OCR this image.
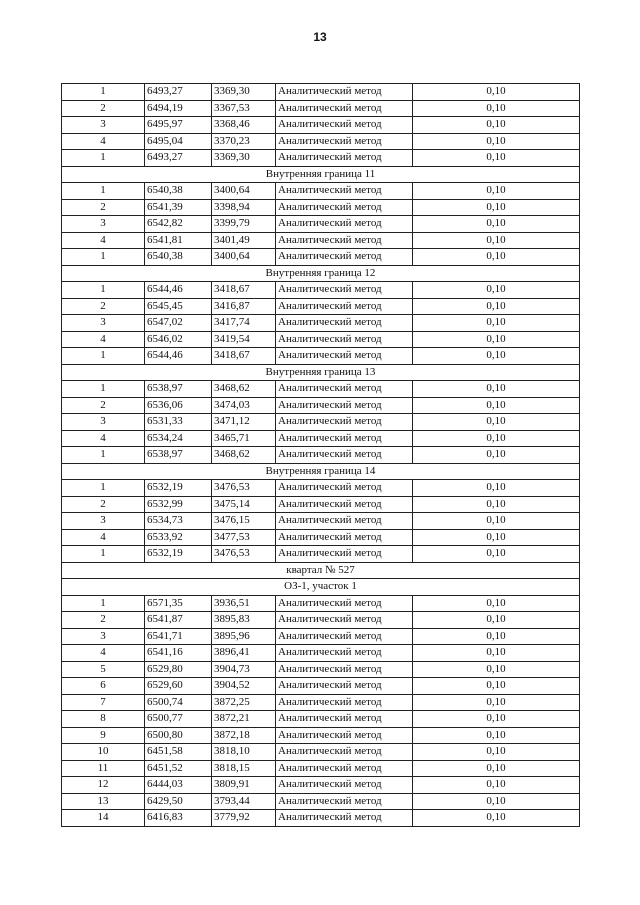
13
1	6493,27	3369,30	Аналитический метод	0,10
2	6494,19	3367,53	Аналитический метод	0,10
3	6495,97	3368,46	Аналитический метод	0,10
4	6495,04	3370,23	Аналитический метод	0,10
1	6493,27	3369,30	Аналитический метод	0,10
Внутренняя граница 11				
1	6540,38	3400,64	Аналитический метод	0,10
2	6541,39	3398,94	Аналитический метод	0,10
3	6542,82	3399,79	Аналитический метод	0,10
4	6541,81	3401,49	Аналитический метод	0,10
1	6540,38	3400,64	Аналитический метод	0,10
Внутренняя граница 12				
1	6544,46	3418,67	Аналитический метод	0,10
2	6545,45	3416,87	Аналитический метод	0,10
3	6547,02	3417,74	Аналитический метод	0,10
4	6546,02	3419,54	Аналитический метод	0,10
1	6544,46	3418,67	Аналитический метод	0,10
Внутренняя граница 13				
1	6538,97	3468,62	Аналитический метод	0,10
2	6536,06	3474,03	Аналитический метод	0,10
3	6531,33	3471,12	Аналитический метод	0,10
4	6534,24	3465,71	Аналитический метод	0,10
1	6538,97	3468,62	Аналитический метод	0,10
Внутренняя граница 14				
1	6532,19	3476,53	Аналитический метод	0,10
2	6532,99	3475,14	Аналитический метод	0,10
3	6534,73	3476,15	Аналитический метод	0,10
4	6533,92	3477,53	Аналитический метод	0,10
1	6532,19	3476,53	Аналитический метод	0,10
квартал № 527				
ОЗ-1, участок 1				
1	6571,35	3936,51	Аналитический метод	0,10
2	6541,87	3895,83	Аналитический метод	0,10
3	6541,71	3895,96	Аналитический метод	0,10
4	6541,16	3896,41	Аналитический метод	0,10
5	6529,80	3904,73	Аналитический метод	0,10
6	6529,60	3904,52	Аналитический метод	0,10
7	6500,74	3872,25	Аналитический метод	0,10
8	6500,77	3872,21	Аналитический метод	0,10
9	6500,80	3872,18	Аналитический метод	0,10
10	6451,58	3818,10	Аналитический метод	0,10
11	6451,52	3818,15	Аналитический метод	0,10
12	6444,03	3809,91	Аналитический метод	0,10
13	6429,50	3793,44	Аналитический метод	0,10
14	6416,83	3779,92	Аналитический метод	0,10
